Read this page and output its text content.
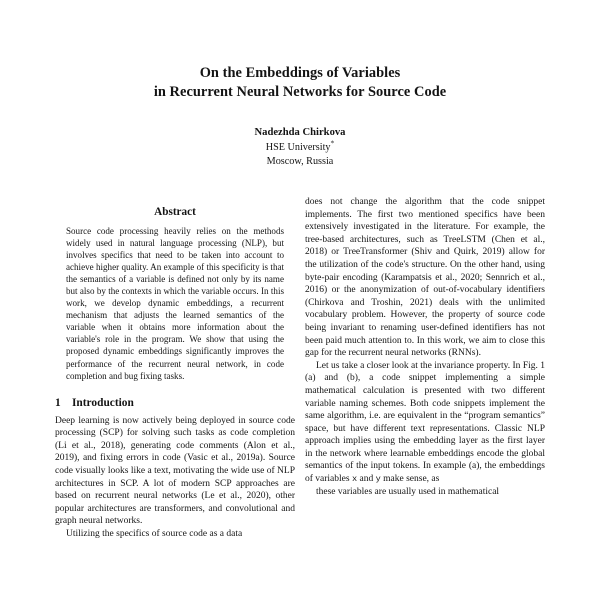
On the Embeddings of Variables
in Recurrent Neural Networks for Source Code
Nadezhda Chirkova
HSE University*
Moscow, Russia
Abstract

Source code processing heavily relies on the methods widely used in natural language processing (NLP), but involves specifics that need to be taken into account to achieve higher quality. An example of this specificity is that the semantics of a variable is defined not only by its name but also by the contexts in which the variable occurs. In this work, we develop dynamic embeddings, a recurrent mechanism that adjusts the learned semantics of the variable when it obtains more information about the variable's role in the program. We show that using the proposed dynamic embeddings significantly improves the performance of the recurrent neural network, in code completion and bug fixing tasks.

1 Introduction

Deep learning is now actively being deployed in source code processing (SCP) for solving such tasks as code completion (Li et al., 2018), generating code comments (Alon et al., 2019), and fixing errors in code (Vasic et al., 2019a). Source code visually looks like a text, motivating the wide use of NLP architectures in SCP. A lot of modern SCP approaches are based on recurrent neural networks (Le et al., 2020), other popular architectures are transformers, and convolutional and graph neural networks.

Utilizing the specifics of source code as a data

does not change the algorithm that the code snippet implements. The first two mentioned specifics have been extensively investigated in the literature. For example, the tree-based architectures, such as TreeLSTM (Chen et al., 2018) or TreeTransformer (Shiv and Quirk, 2019) allow for the utilization of the code's structure. On the other hand, using byte-pair encoding (Karampatsis et al., 2020; Sennrich et al., 2016) or the anonymization of out-of-vocabulary identifiers (Chirkova and Troshin, 2021) deals with the unlimited vocabulary problem. However, the property of source code being invariant to renaming user-defined identifiers has not been paid much attention to. In this work, we aim to close this gap for the recurrent neural networks (RNNs).

Let us take a closer look at the invariance property. In Fig. 1 (a) and (b), a code snippet implementing a simple mathematical calculation is presented with two different variable naming schemes. Both code snippets implement the same algorithm, i.e. are equivalent in the “program semantics” space, but have different text representations. Classic NLP approach implies using the embedding layer as the first layer in the network where learnable embeddings encode the global semantics of the input tokens. In example (a), the embeddings of variables x and y make sense, as

these variables are usually used in mathematical
